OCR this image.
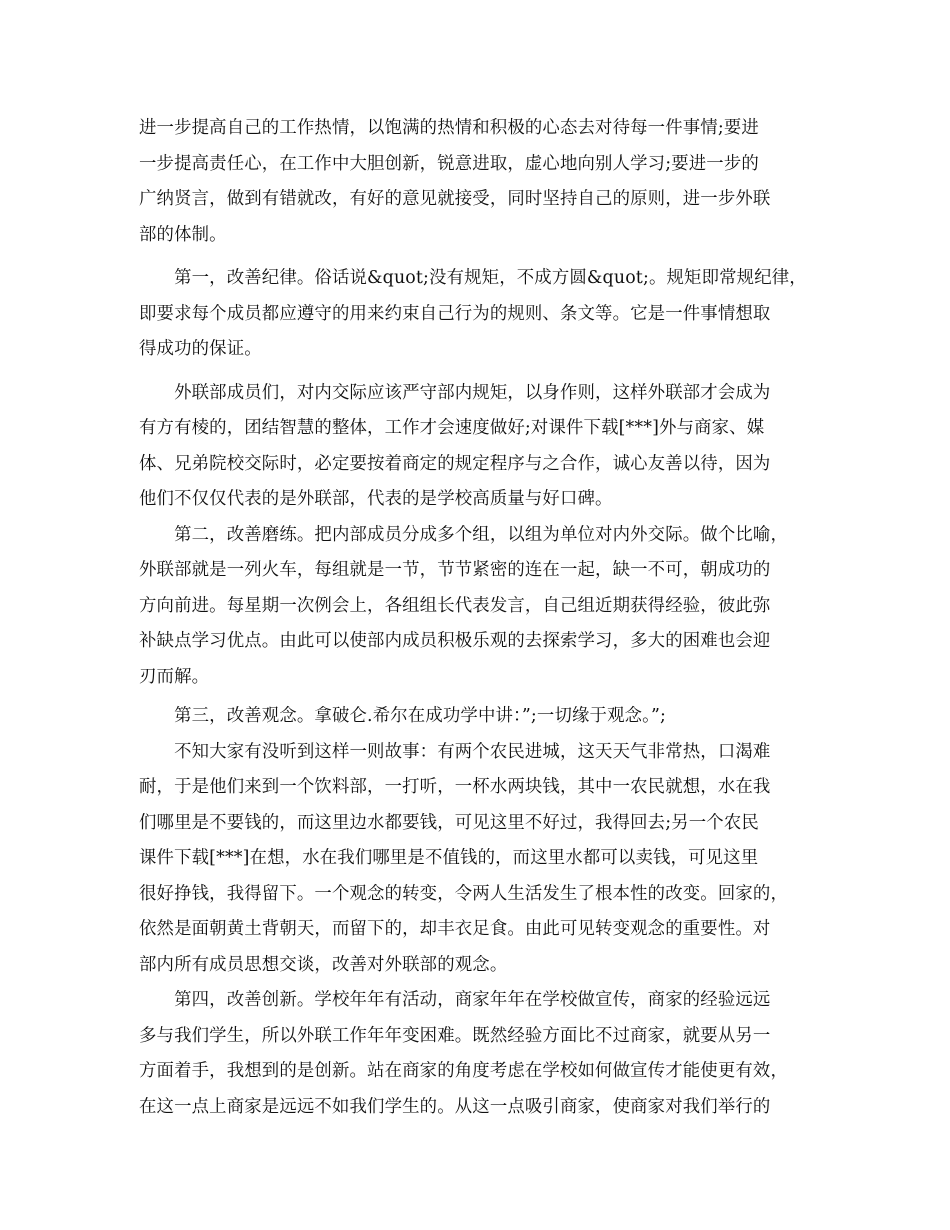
进一步提高自己的工作热情，以饱满的热情和积极的心态去对待每一件事情;要进
一步提高责任心，在工作中大胆创新，锐意进取，虚心地向别人学习;要进一步的
广纳贤言，做到有错就改，有好的意见就接受，同时坚持自己的原则，进一步外联
部的体制。
　　第一，改善纪律。俗话说&quot;没有规矩，不成方圆&quot;。规矩即常规纪律，
即要求每个成员都应遵守的用来约束自己行为的规则、条文等。它是一件事情想取
得成功的保证。
　　外联部成员们，对内交际应该严守部内规矩，以身作则，这样外联部才会成为
有方有棱的，团结智慧的整体，工作才会速度做好;对课件下载[***]外与商家、媒
体、兄弟院校交际时，必定要按着商定的规定程序与之合作，诚心友善以待，因为
他们不仅仅代表的是外联部，代表的是学校高质量与好口碑。
　　第二，改善磨练。把内部成员分成多个组，以组为单位对内外交际。做个比喻，
外联部就是一列火车，每组就是一节，节节紧密的连在一起，缺一不可，朝成功的
方向前进。每星期一次例会上，各组组长代表发言，自己组近期获得经验，彼此弥
补缺点学习优点。由此可以使部内成员积极乐观的去探索学习，多大的困难也会迎
刃而解。
　　第三，改善观念。拿破仑.希尔在成功学中讲：”;一切缘于观念。”;
　　不知大家有没听到这样一则故事：有两个农民进城，这天天气非常热，口渴难
耐，于是他们来到一个饮料部，一打听，一杯水两块钱，其中一农民就想，水在我
们哪里是不要钱的，而这里边水都要钱，可见这里不好过，我得回去;另一个农民
课件下载[***]在想，水在我们哪里是不值钱的，而这里水都可以卖钱，可见这里
很好挣钱，我得留下。一个观念的转变，令两人生活发生了根本性的改变。回家的，
依然是面朝黄土背朝天，而留下的，却丰衣足食。由此可见转变观念的重要性。对
部内所有成员思想交谈，改善对外联部的观念。
　　第四，改善创新。学校年年有活动，商家年年在学校做宣传，商家的经验远远
多与我们学生，所以外联工作年年变困难。既然经验方面比不过商家，就要从另一
方面着手，我想到的是创新。站在商家的角度考虑在学校如何做宣传才能使更有效，
在这一点上商家是远远不如我们学生的。从这一点吸引商家，使商家对我们举行的
